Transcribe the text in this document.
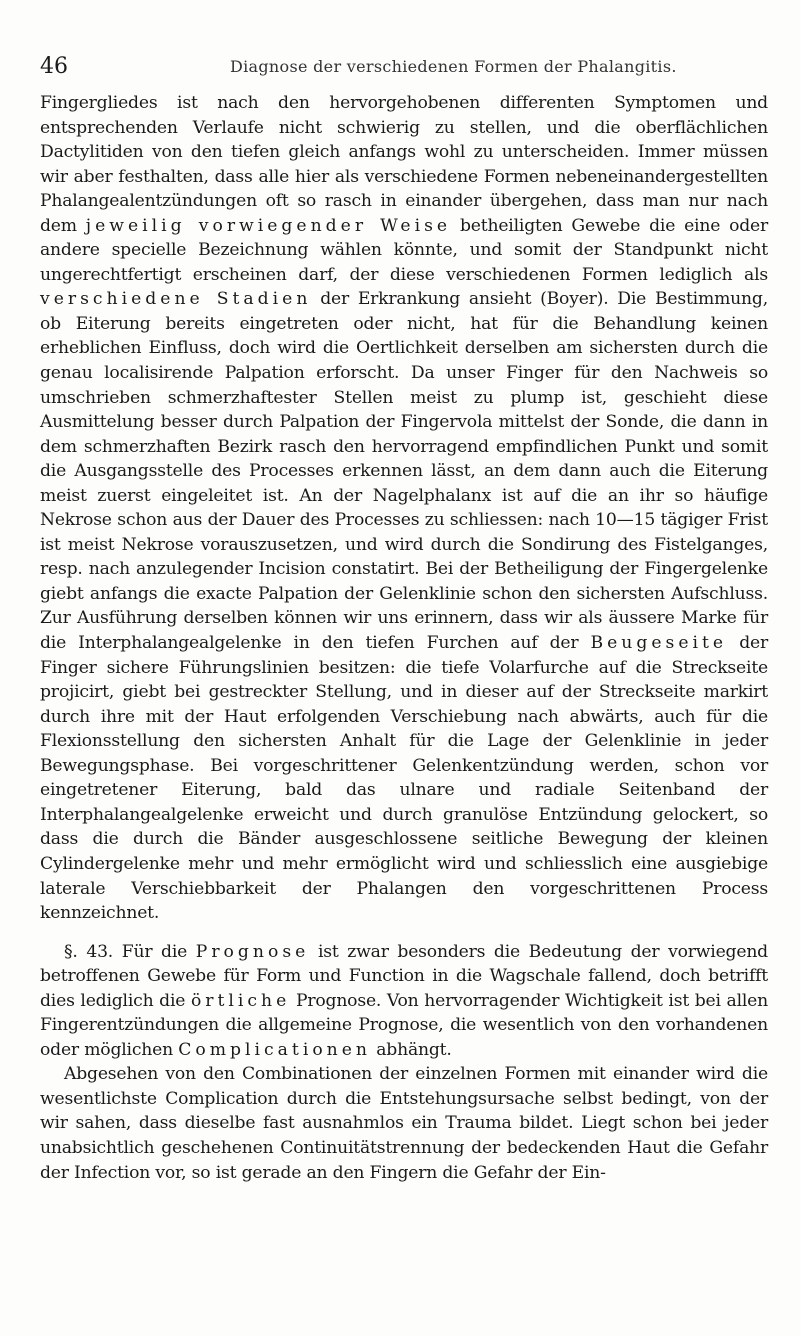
46	Diagnose der verschiedenen Formen der Phalangitis.

Fingergliedes ist nach den hervorgehobenen differenten Symptomen und entsprechenden Verlaufe nicht schwierig zu stellen, und die oberflächlichen Dactylitiden von den tiefen gleich anfangs wohl zu unterscheiden. Immer müssen wir aber festhalten, dass alle hier als verschiedene Formen nebeneinandergestellten Phalangealentzündungen oft so rasch in einander übergehen, dass man nur nach dem jeweilig vorwiegender Weise betheiligten Gewebe die eine oder andere specielle Bezeichnung wählen könnte, und somit der Standpunkt nicht ungerechtfertigt erscheinen darf, der diese verschiedenen Formen lediglich als verschiedene Stadien der Erkrankung ansieht (Boyer). Die Bestimmung, ob Eiterung bereits eingetreten oder nicht, hat für die Behandlung keinen erheblichen Einfluss, doch wird die Oertlichkeit derselben am sichersten durch die genau localisirende Palpation erforscht. Da unser Finger für den Nachweis so umschrieben schmerzhaftester Stellen meist zu plump ist, geschieht diese Ausmittelung besser durch Palpation der Fingervola mittelst der Sonde, die dann in dem schmerzhaften Bezirk rasch den hervorragend empfindlichen Punkt und somit die Ausgangsstelle des Processes erkennen lässt, an dem dann auch die Eiterung meist zuerst eingeleitet ist. An der Nagelphalanx ist auf die an ihr so häufige Nekrose schon aus der Dauer des Processes zu schliessen: nach 10—15 tägiger Frist ist meist Nekrose vorauszusetzen, und wird durch die Sondirung des Fistelganges, resp. nach anzulegender Incision constatirt. Bei der Betheiligung der Fingergelenke giebt anfangs die exacte Palpation der Gelenklinie schon den sichersten Aufschluss. Zur Ausführung derselben können wir uns erinnern, dass wir als äussere Marke für die Interphalangealgelenke in den tiefen Furchen auf der Beugeseite der Finger sichere Führungslinien besitzen: die tiefe Volarfurche auf die Streckseite projicirt, giebt bei gestreckter Stellung, und in dieser auf der Streckseite markirt durch ihre mit der Haut erfolgenden Verschiebung nach abwärts, auch für die Flexionsstellung den sichersten Anhalt für die Lage der Gelenklinie in jeder Bewegungsphase. Bei vorgeschrittener Gelenkentzündung werden, schon vor eingetretener Eiterung, bald das ulnare und radiale Seitenband der Interphalangealgelenke erweicht und durch granulöse Entzündung gelockert, so dass die durch die Bänder ausgeschlossene seitliche Bewegung der kleinen Cylindergelenke mehr und mehr ermöglicht wird und schliesslich eine ausgiebige laterale Verschiebbarkeit der Phalangen den vorgeschrittenen Process kennzeichnet.

§. 43. Für die Prognose ist zwar besonders die Bedeutung der vorwiegend betroffenen Gewebe für Form und Function in die Wagschale fallend, doch betrifft dies lediglich die örtliche Prognose. Von hervorragender Wichtigkeit ist bei allen Fingerentzündungen die allgemeine Prognose, die wesentlich von den vorhandenen oder möglichen Complicationen abhängt.

Abgesehen von den Combinationen der einzelnen Formen mit einander wird die wesentlichste Complication durch die Entstehungsursache selbst bedingt, von der wir sahen, dass dieselbe fast ausnahmlos ein Trauma bildet. Liegt schon bei jeder unabsichtlich geschehenen Continuitätstrennung der bedeckenden Haut die Gefahr der Infection vor, so ist gerade an den Fingern die Gefahr der Ein-
